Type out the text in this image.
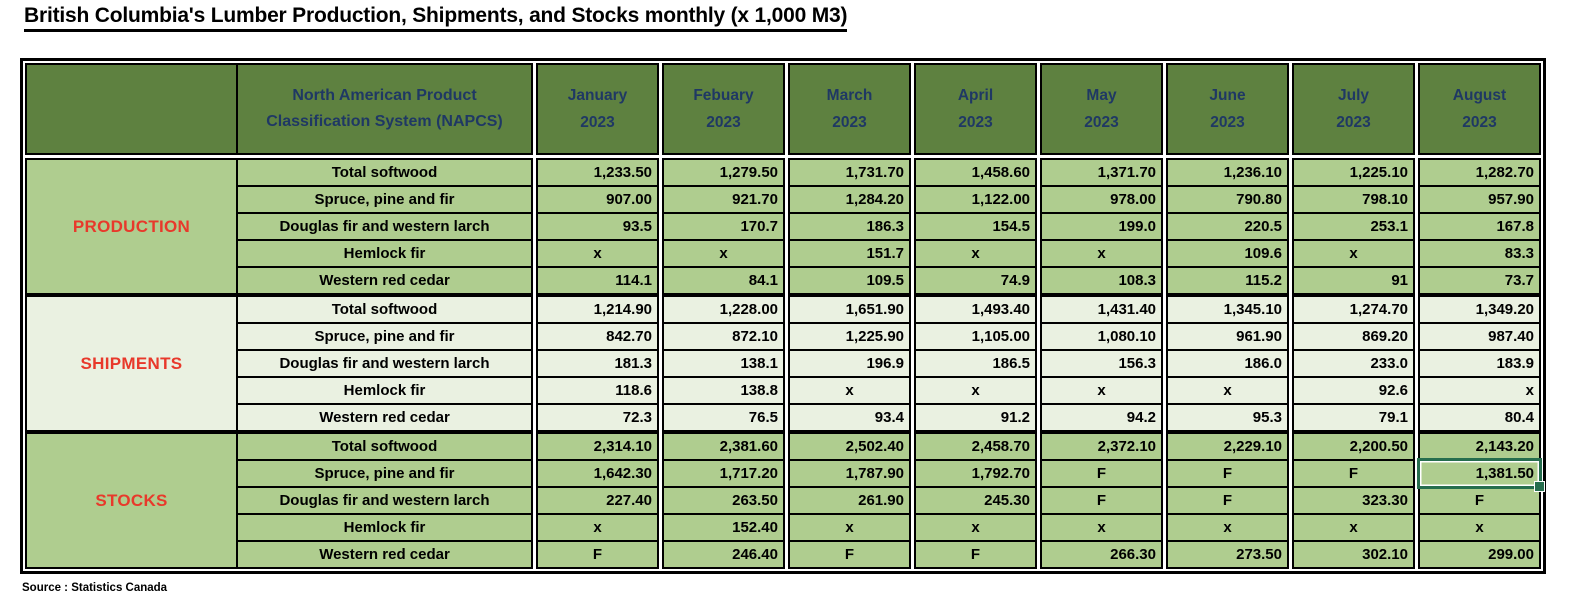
British Columbia's Lumber Production, Shipments, and Stocks monthly (x 1,000 M3)
North American Product Classification System (NAPCS)
January
2023
Febuary
2023
March
2023
April
2023
May
2023
June
2023
July
2023
August
2023
PRODUCTION
Total softwood
Spruce, pine and fir
Douglas fir and western larch
Hemlock fir
Western red cedar
SHIPMENTS
Total softwood
Spruce, pine and fir
Douglas fir and western larch
Hemlock fir
Western red cedar
STOCKS
Total softwood
Spruce, pine and fir
Douglas fir and western larch
Hemlock fir
Western red cedar
1,233.50
907.00
93.5
x
114.1
1,214.90
842.70
181.3
118.6
72.3
2,314.10
1,642.30
227.40
x
F
1,279.50
921.70
170.7
x
84.1
1,228.00
872.10
138.1
138.8
76.5
2,381.60
1,717.20
263.50
152.40
246.40
1,731.70
1,284.20
186.3
151.7
109.5
1,651.90
1,225.90
196.9
x
93.4
2,502.40
1,787.90
261.90
x
F
1,458.60
1,122.00
154.5
x
74.9
1,493.40
1,105.00
186.5
x
91.2
2,458.70
1,792.70
245.30
x
F
1,371.70
978.00
199.0
x
108.3
1,431.40
1,080.10
156.3
x
94.2
2,372.10
F
F
x
266.30
1,236.10
790.80
220.5
109.6
115.2
1,345.10
961.90
186.0
x
95.3
2,229.10
F
F
x
273.50
1,225.10
798.10
253.1
x
91
1,274.70
869.20
233.0
92.6
79.1
2,200.50
F
323.30
x
302.10
1,282.70
957.90
167.8
83.3
73.7
1,349.20
987.40
183.9
x
80.4
2,143.20
1,381.50
F
x
299.00
Source : Statistics Canada
